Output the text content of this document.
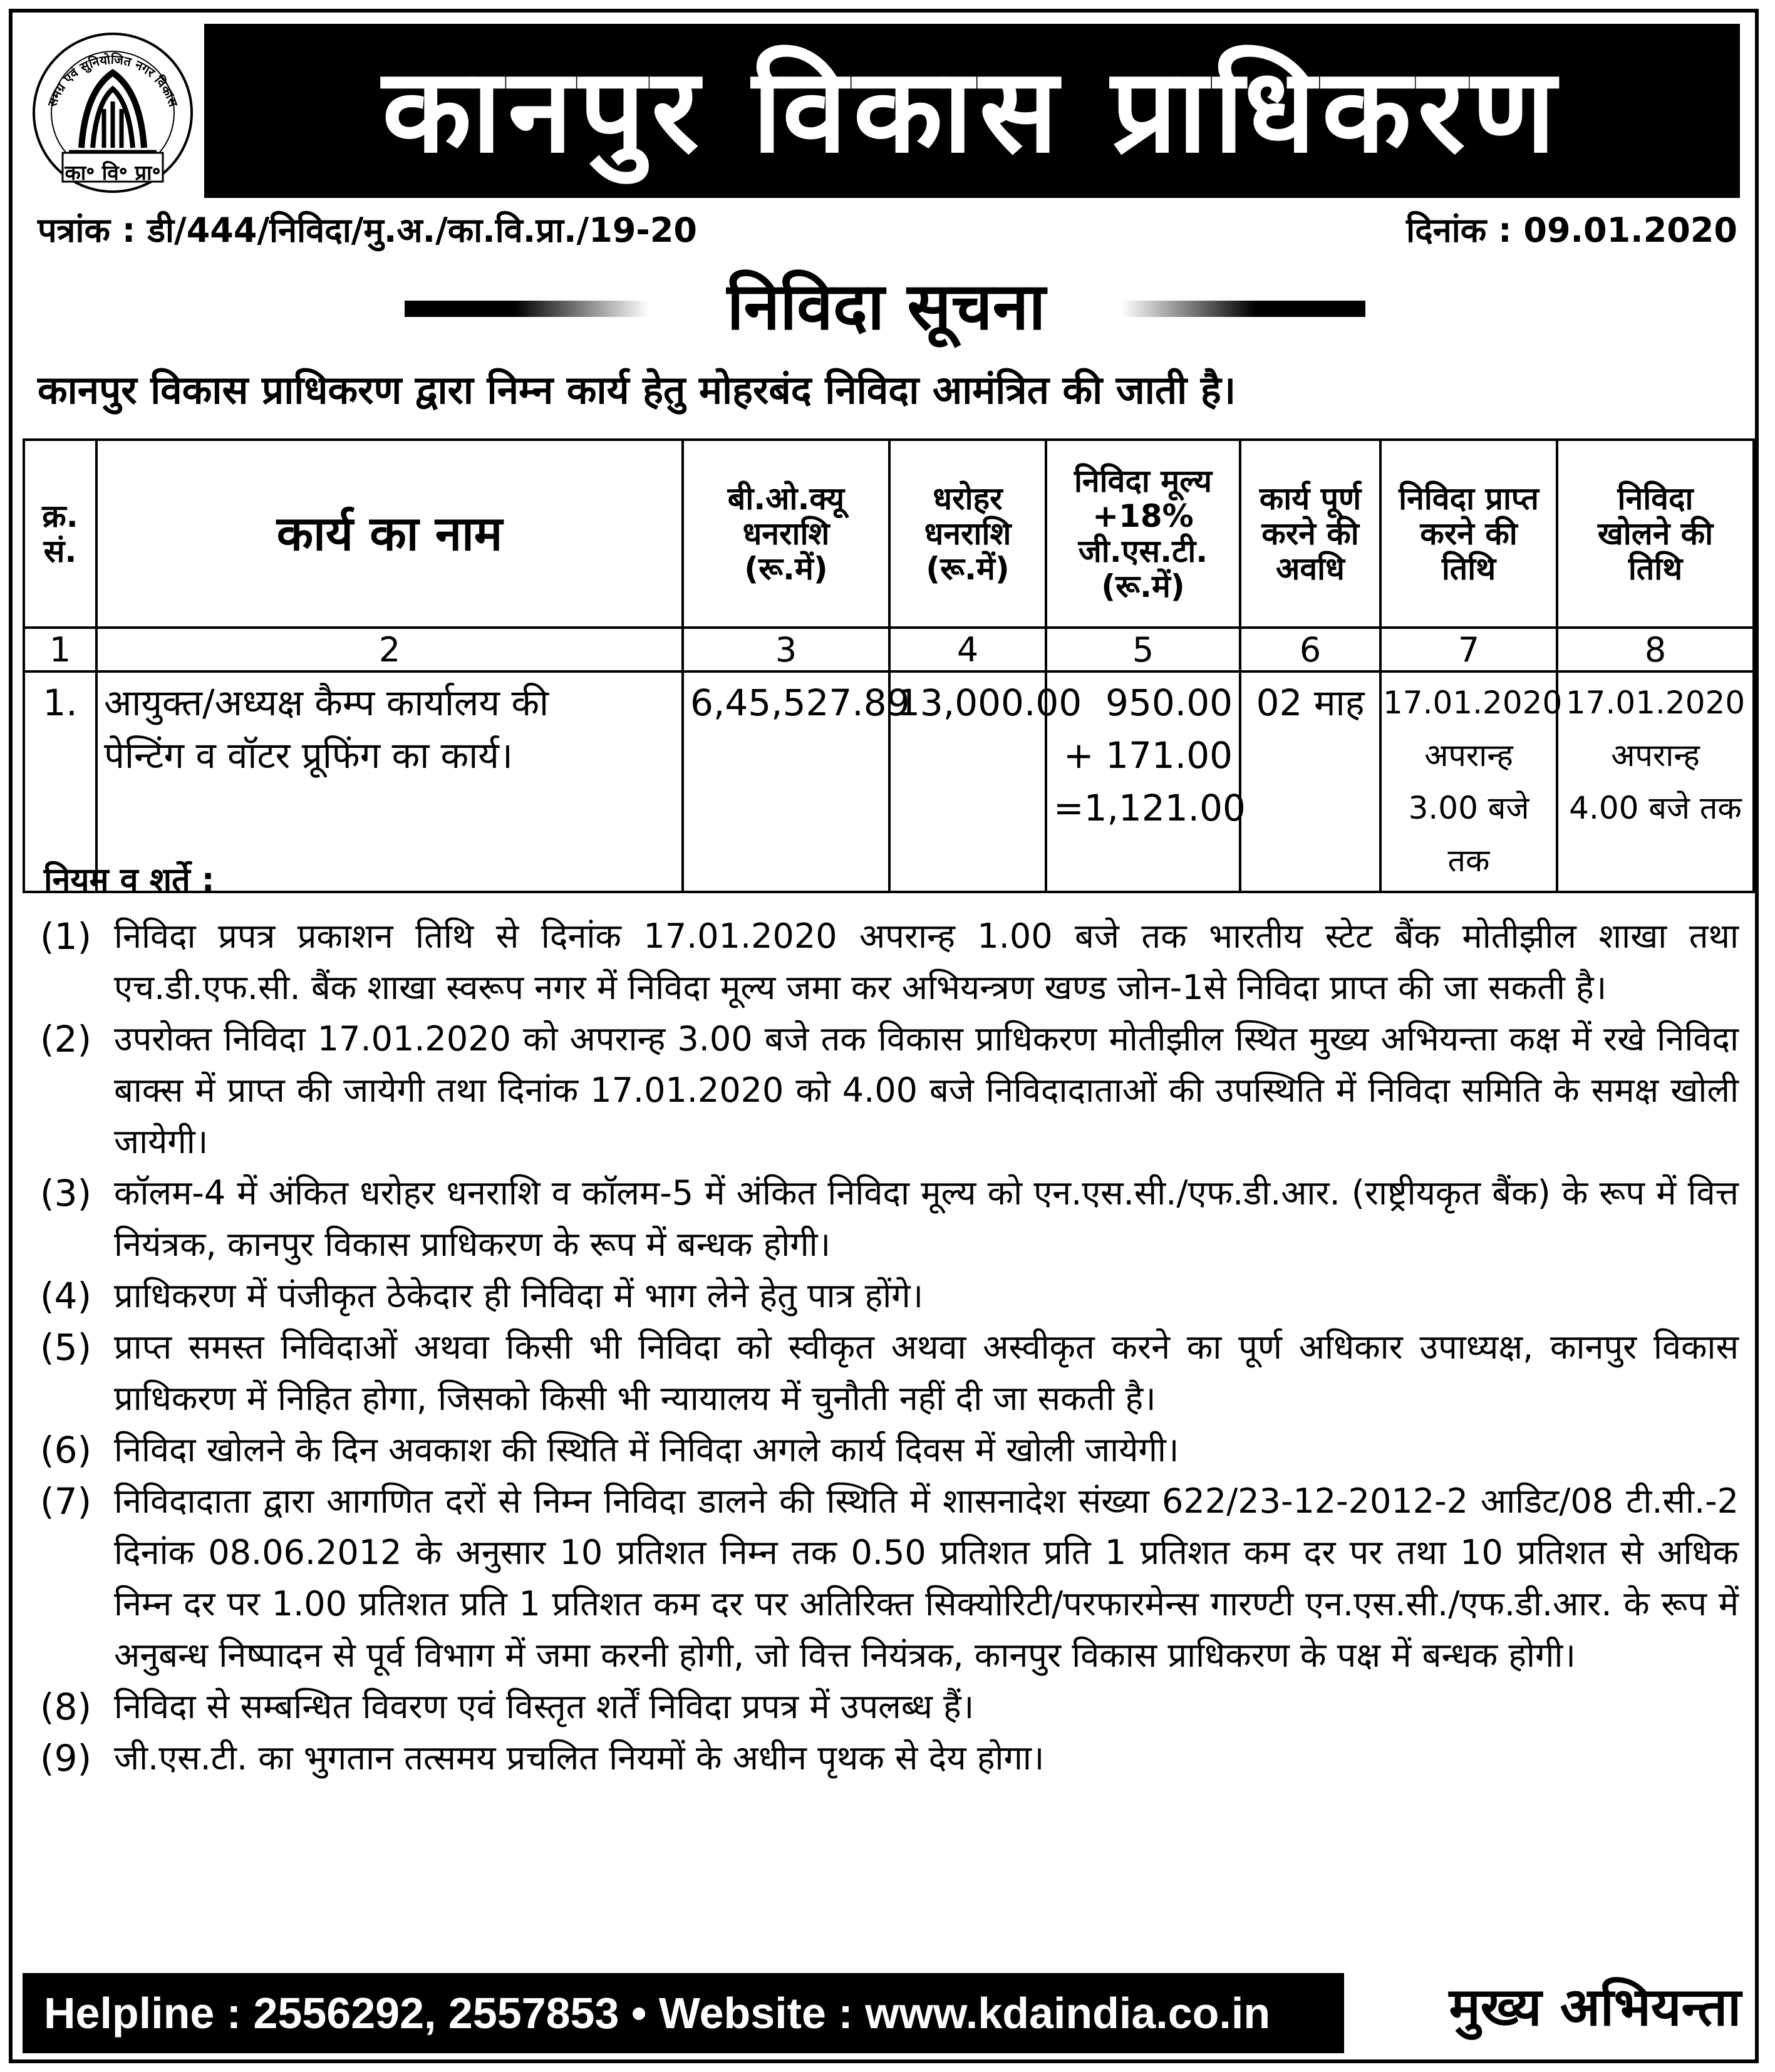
समग्र एवं सुनियोजित नगर विकास
का॰ वि॰ प्रा॰	कानपुर विकास प्राधिकरण
पत्रांक : डी/444/निविदा/मु.अ./का.वि.प्रा./19-20	दिनांक : 09.01.2020
निविदा सूचना
कानपुर विकास प्राधिकरण द्वारा निम्न कार्य हेतु मोहरबंद निविदा आमंत्रित की जाती है।
क्र.
सं.	कार्य का नाम	बी.ओ.क्यू
धनराशि
(रू.में)	धरोहर
धनराशि
(रू.में)	निविदा मूल्य
+18%
जी.एस.टी.
(रू.में)	कार्य पूर्ण
करने की
अवधि	निविदा प्राप्त
करने की
तिथि	निविदा
खोलने की
तिथि
1	2	3	4	5	6	7	8
1.	आयुक्त/अध्यक्ष कैम्प कार्यालय की
पेन्टिंग व वॉटर प्रूफिंग का कार्य।	6,45,527.89	13,000.00	950.00
+ 171.00
=1,121.00	02 माह	17.01.2020
अपरान्ह
3.00 बजे तक	17.01.2020
अपरान्ह
4.00 बजे तक
नियम व शर्ते :
(1) निविदा प्रपत्र प्रकाशन तिथि से दिनांक 17.01.2020 अपरान्ह 1.00 बजे तक भारतीय स्टेट बैंक मोतीझील शाखा तथा एच.डी.एफ.सी. बैंक शाखा स्वरूप नगर में निविदा मूल्य जमा कर अभियन्त्रण खण्ड जोन-1से निविदा प्राप्त की जा सकती है।
(2) उपरोक्त निविदा 17.01.2020 को अपरान्ह 3.00 बजे तक विकास प्राधिकरण मोतीझील स्थित मुख्य अभियन्ता कक्ष में रखे निविदा बाक्स में प्राप्त की जायेगी तथा दिनांक 17.01.2020 को 4.00 बजे निविदादाताओं की उपस्थिति में निविदा समिति के समक्ष खोली जायेगी।
(3) कॉलम-4 में अंकित धरोहर धनराशि व कॉलम-5 में अंकित निविदा मूल्य को एन.एस.सी./एफ.डी.आर. (राष्ट्रीयकृत बैंक) के रूप में वित्त नियंत्रक, कानपुर विकास प्राधिकरण के रूप में बन्धक होगी।
(4) प्राधिकरण में पंजीकृत ठेकेदार ही निविदा में भाग लेने हेतु पात्र होंगे।
(5) प्राप्त समस्त निविदाओं अथवा किसी भी निविदा को स्वीकृत अथवा अस्वीकृत करने का पूर्ण अधिकार उपाध्यक्ष, कानपुर विकास प्राधिकरण में निहित होगा, जिसको किसी भी न्यायालय में चुनौती नहीं दी जा सकती है।
(6) निविदा खोलने के दिन अवकाश की स्थिति में निविदा अगले कार्य दिवस में खोली जायेगी।
(7) निविदादाता द्वारा आगणित दरों से निम्न निविदा डालने की स्थिति में शासनादेश संख्या 622/23-12-2012-2 आडिट/08 टी.सी.-2 दिनांक 08.06.2012 के अनुसार 10 प्रतिशत निम्न तक 0.50 प्रतिशत प्रति 1 प्रतिशत कम दर पर तथा 10 प्रतिशत से अधिक निम्न दर पर 1.00 प्रतिशत प्रति 1 प्रतिशत कम दर पर अतिरिक्त सिक्योरिटी/परफारमेन्स गारण्टी एन.एस.सी./एफ.डी.आर. के रूप में अनुबन्ध निष्पादन से पूर्व विभाग में जमा करनी होगी, जो वित्त नियंत्रक, कानपुर विकास प्राधिकरण के पक्ष में बन्धक होगी।
(8) निविदा से सम्बन्धित विवरण एवं विस्तृत शर्तें निविदा प्रपत्र में उपलब्ध हैं।
(9) जी.एस.टी. का भुगतान तत्समय प्रचलित नियमों के अधीन पृथक से देय होगा।
Helpline : 2556292, 2557853 • Website : www.kdaindia.co.in	मुख्य अभियन्ता
